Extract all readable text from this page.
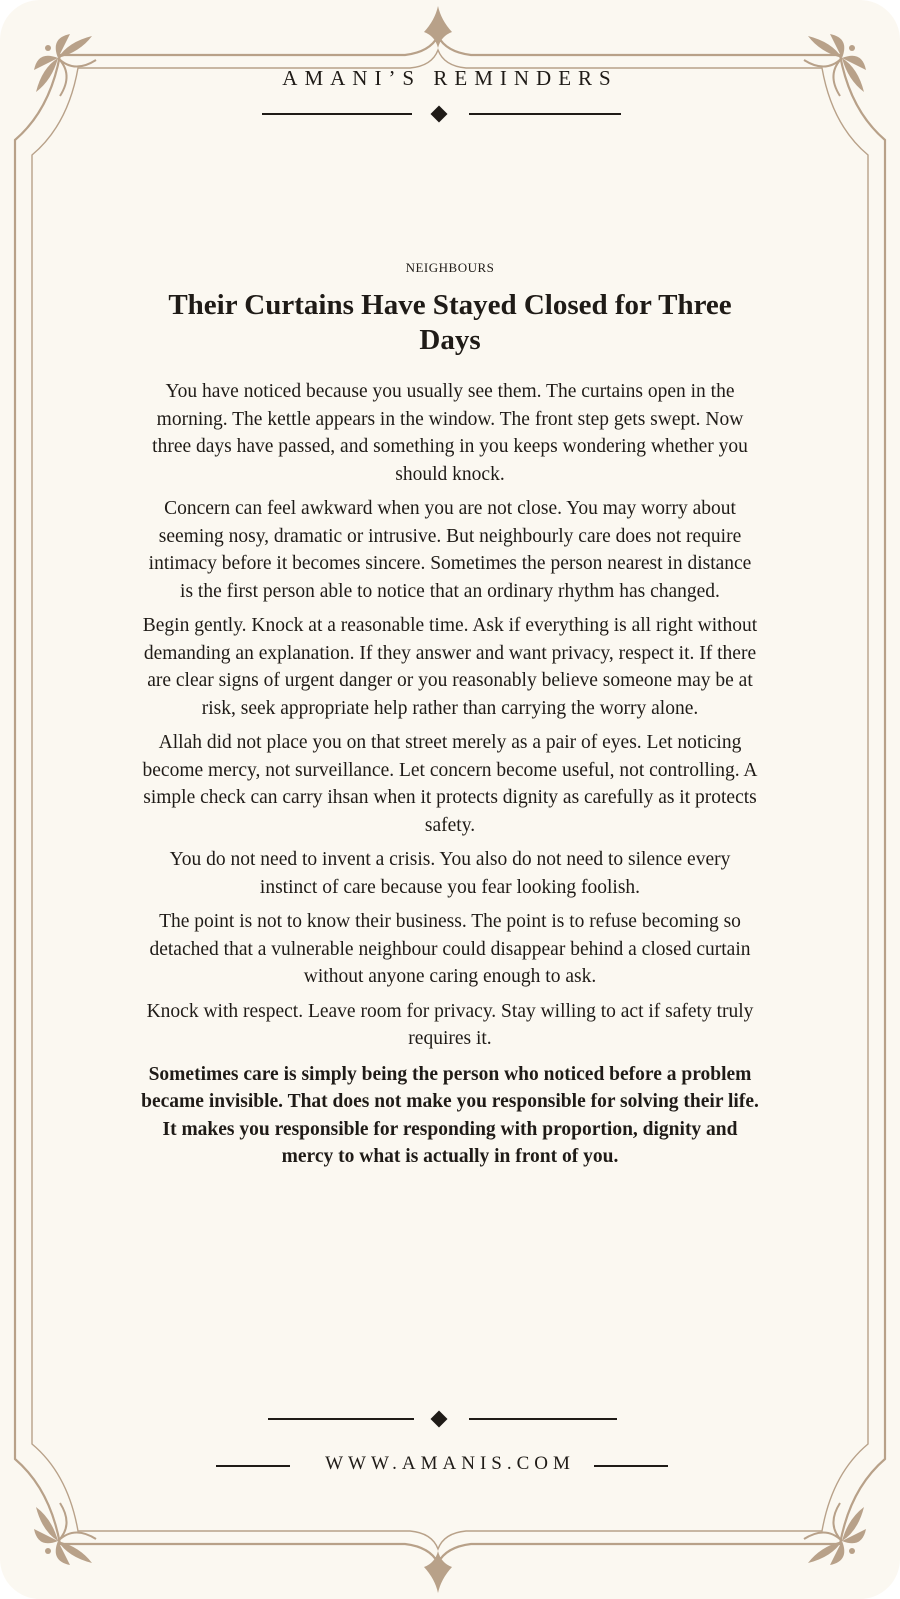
AMANI’S REMINDERS
NEIGHBOURS
Their Curtains Have Stayed Closed for Three Days

You have noticed because you usually see them. The curtains open in the morning. The kettle appears in the window. The front step gets swept. Now three days have passed, and something in you keeps wondering whether you should knock.

Concern can feel awkward when you are not close. You may worry about seeming nosy, dramatic or intrusive. But neighbourly care does not require intimacy before it becomes sincere. Sometimes the person nearest in distance is the first person able to notice that an ordinary rhythm has changed.

Begin gently. Knock at a reasonable time. Ask if everything is all right without demanding an explanation. If they answer and want privacy, respect it. If there are clear signs of urgent danger or you reasonably believe someone may be at risk, seek appropriate help rather than carrying the worry alone.

Allah did not place you on that street merely as a pair of eyes. Let noticing become mercy, not surveillance. Let concern become useful, not controlling. A simple check can carry ihsan when it protects dignity as carefully as it protects safety.

You do not need to invent a crisis. You also do not need to silence every instinct of care because you fear looking foolish.

The point is not to know their business. The point is to refuse becoming so detached that a vulnerable neighbour could disappear behind a closed curtain without anyone caring enough to ask.

Knock with respect. Leave room for privacy. Stay willing to act if safety truly requires it.

Sometimes care is simply being the person who noticed before a problem became invisible. That does not make you responsible for solving their life. It makes you responsible for responding with proportion, dignity and mercy to what is actually in front of you.

WWW.AMANIS.COM
